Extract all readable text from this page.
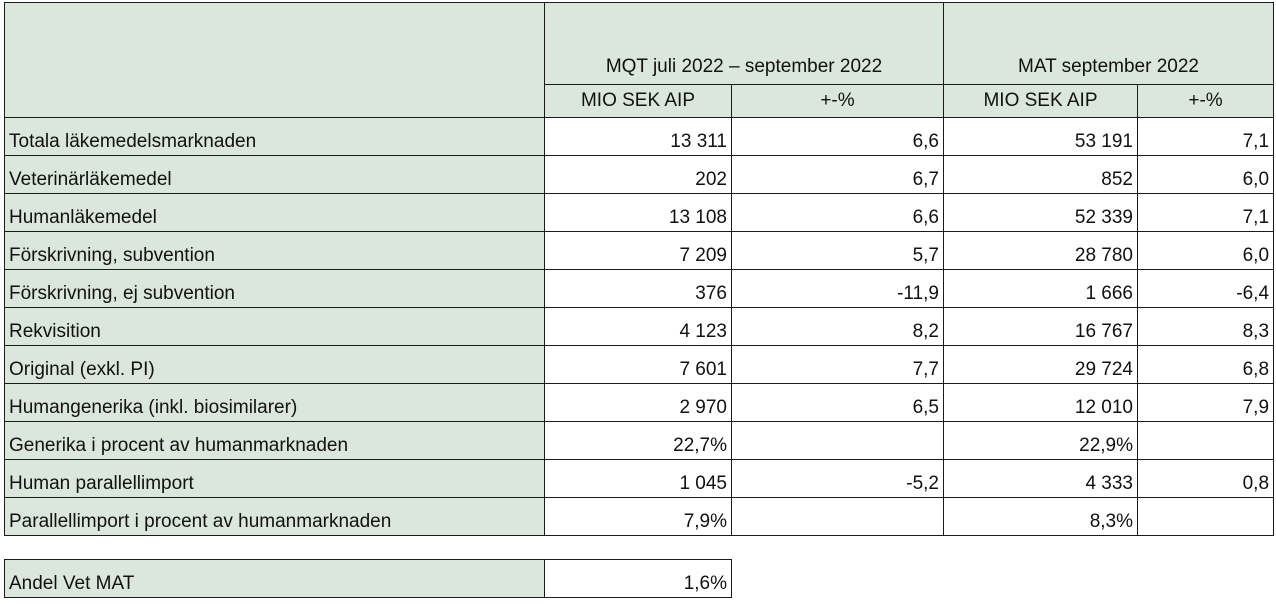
	MQT juli 2022 – september 2022		MAT september 2022	
	MIO SEK AIP	+-%	MIO SEK AIP	+-%
Totala läkemedelsmarknaden	13 311	6,6	53 191	7,1
Veterinärläkemedel	202	6,7	852	6,0
Humanläkemedel	13 108	6,6	52 339	7,1
Förskrivning, subvention	7 209	5,7	28 780	6,0
Förskrivning, ej subvention	376	-11,9	1 666	-6,4
Rekvisition	4 123	8,2	16 767	8,3
Original (exkl. PI)	7 601	7,7	29 724	6,8
Humangenerika (inkl. biosimilarer)	2 970	6,5	12 010	7,9
Generika i procent av humanmarknaden	22,7%		22,9%	
Human parallellimport	1 045	-5,2	4 333	0,8
Parallellimport i procent av humanmarknaden	7,9%		8,3%	
Andel Vet MAT	1,6%
